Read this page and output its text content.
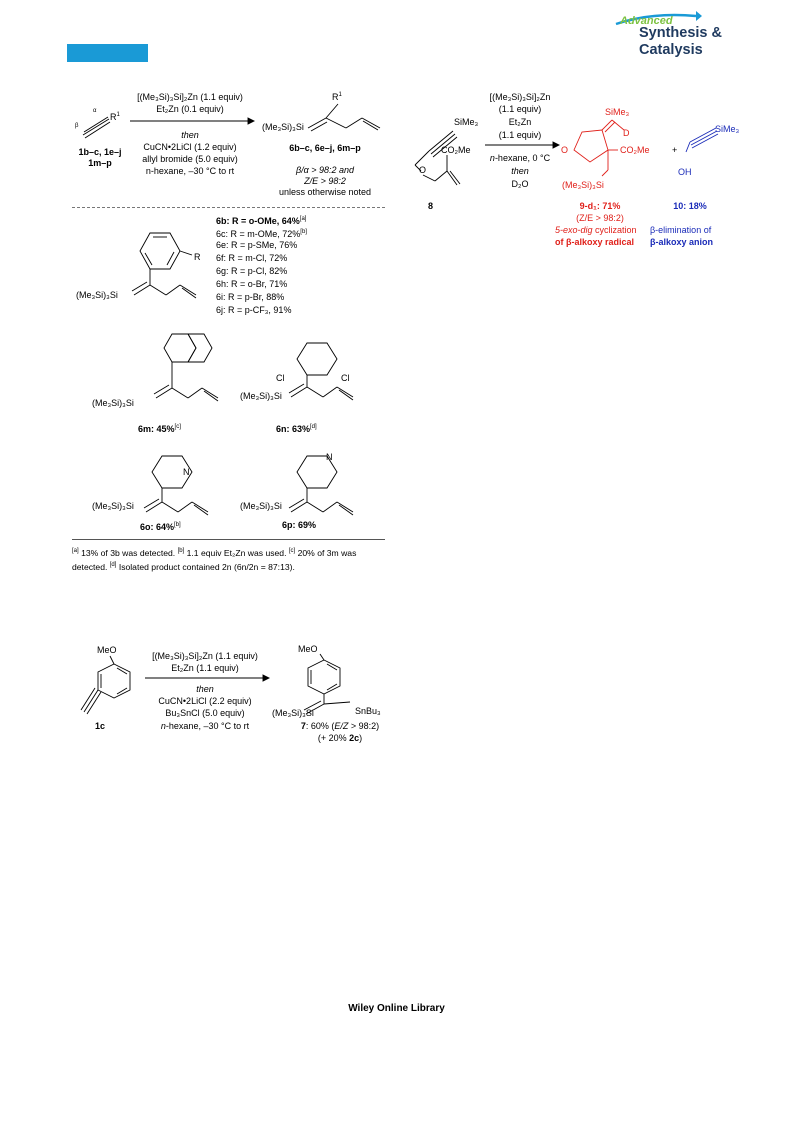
Advanced
Synthesis &
Catalysis
β
α
$R^1$
1b–c, 1e–j
1m–p
[(Me₃Si)₃Si]₂Zn (1.1 equiv)
Et₂Zn (0.1 equiv)
then
CuCN•2LiCl (1.2 equiv)
allyl bromide (5.0 equiv)
n-hexane, –30 °C to rt
(Me₃Si)₃Si
$R^1$
6b–c, 6e–j, 6m–p
β/α > 98:2 and
Z/E > 98:2
unless otherwise noted
R
(Me₃Si)₃Si
6b: R = o-OMe, 64%[a]
6c: R = m-OMe, 72%[b]
6e: R = p-SMe, 76%
6f: R = m-Cl, 72%
6g: R = p-Cl, 82%
6h: R = o-Br, 71%
6i: R = p-Br, 88%
6j: R = p-CF₃, 91%
(Me₃Si)₃Si
6m: 45%[c]
Cl	Cl
(Me₃Si)₃Si
6n: 63%[d]
N
(Me₃Si)₃Si
6o: 64%[b]
N
(Me₃Si)₃Si
6p: 69%
[a] 13% of 3b was detected. [b] 1.1 equiv Et₂Zn was used. [c] 20% of 3m was detected. [d] Isolated product contained 2n (6n/2n = 87:13).
SiMe₃
CO₂Me
O
8
[(Me₃Si)₃Si]₂Zn
(1.1 equiv)
Et₂Zn
(1.1 equiv)
n-hexane, 0 °C
then
D₂O
SiMe₃
D
O	CO₂Me
(Me₃Si)₃Si
+
SiMe₃
OH
9-d₁: 71%
(Z/E > 98:2)
5-exo-dig cyclization
of β-alkoxy radical
10: 18%
β-elimination of
β-alkoxy anion
MeO
1c
[(Me₃Si)₃Si]₂Zn (1.1 equiv)
Et₂Zn (1.1 equiv)
then
CuCN•2LiCl (2.2 equiv)
Bu₃SnCl (5.0 equiv)
n-hexane, –30 °C to rt
MeO
(Me₃Si)₃Si	SnBu₃
7: 60% (E/Z > 98:2)
(+ 20% 2c)
Wiley Online Library
